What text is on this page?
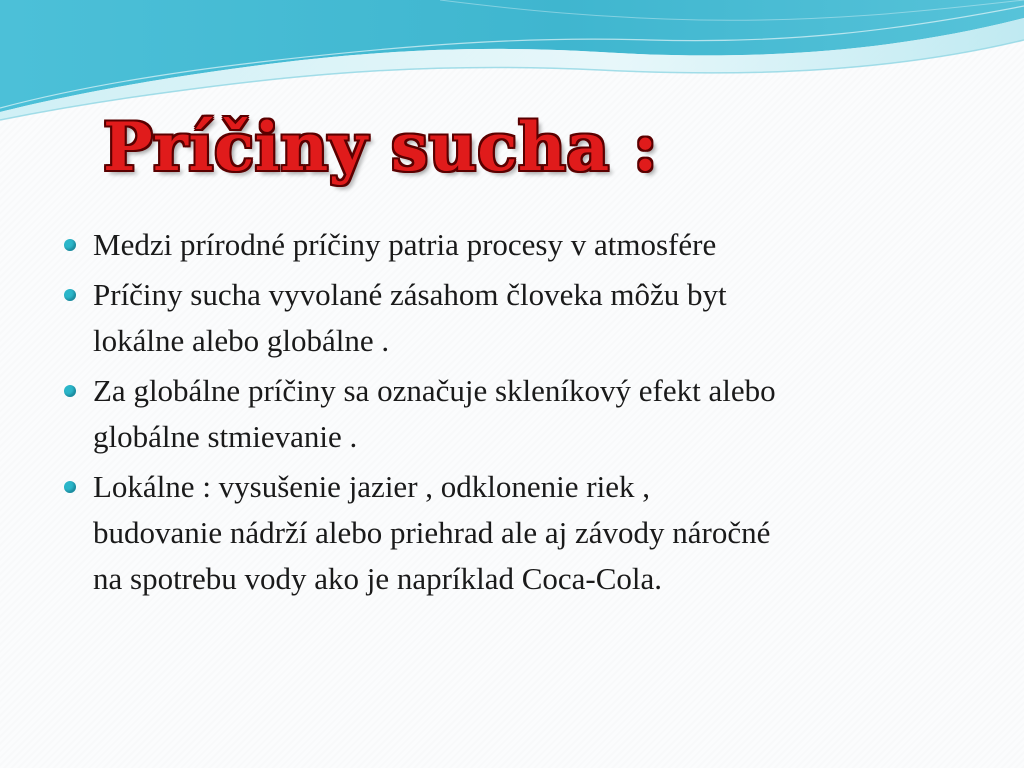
Príčiny sucha :
Medzi prírodné príčiny patria procesy v atmosfére
Príčiny sucha vyvolané zásahom človeka môžu byt
lokálne alebo globálne .
Za globálne príčiny sa označuje skleníkový efekt alebo
globálne stmievanie .
Lokálne : vysušenie jazier , odklonenie riek ,
budovanie nádrží alebo priehrad ale aj závody náročné
na spotrebu vody ako je napríklad Coca-Cola.
